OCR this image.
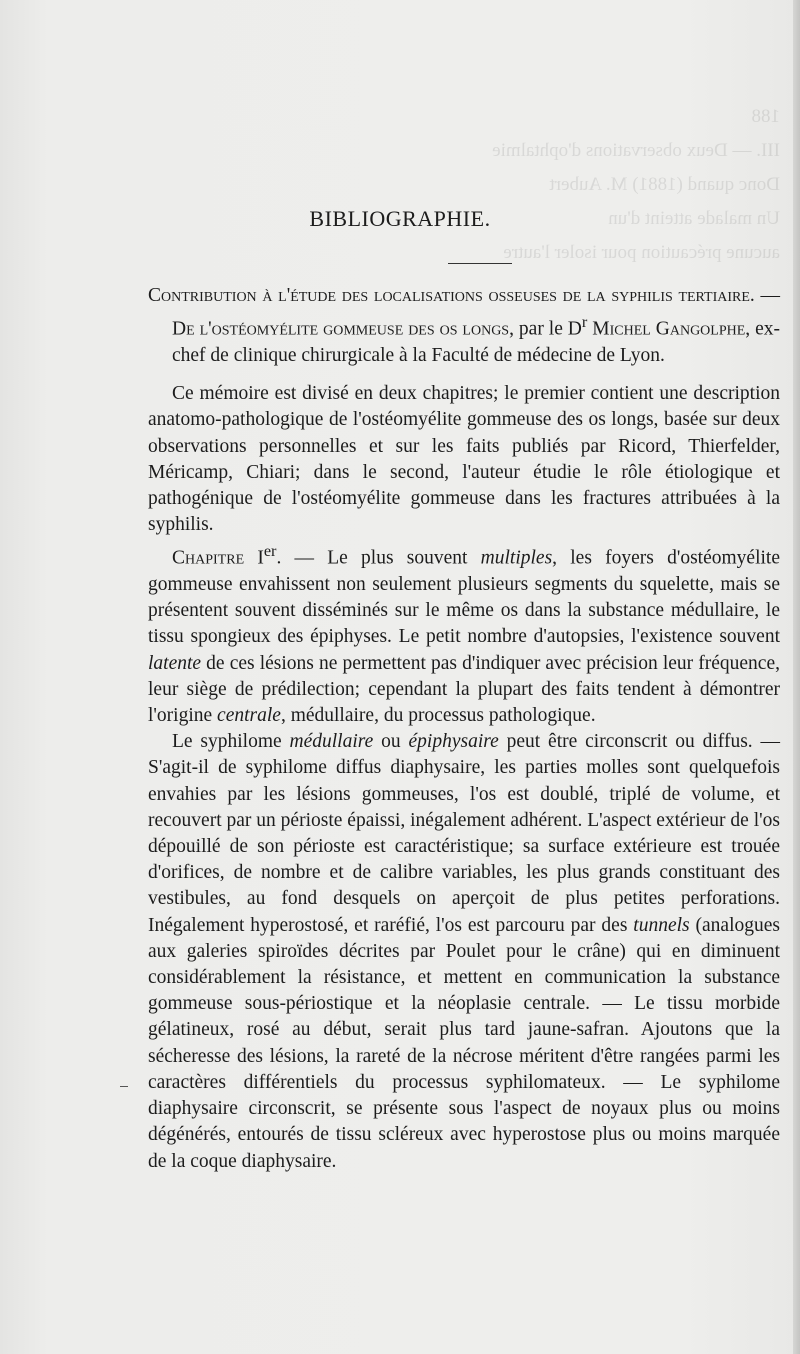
188
III. — Deux observations d'ophtalmie
Donc quand (1881) M. Aubert
Un malade atteint d'un
aucune précaution pour isoler l'autre
BIBLIOGRAPHIE.

Contribution à l'étude des localisations osseuses de la syphilis tertiaire. — De l'ostéomyélite gommeuse des os longs, par le $D^r$ Michel Gangolphe, ex-chef de clinique chirurgicale à la Faculté de médecine de Lyon.

Ce mémoire est divisé en deux chapitres; le premier contient une description anatomo-pathologique de l'ostéomyélite gommeuse des os longs, basée sur deux observations personnelles et sur les faits publiés par Ricord, Thierfelder, Méricamp, Chiari; dans le second, l'auteur étudie le rôle étiologique et pathogénique de l'ostéomyélite gommeuse dans les fractures attribuées à la syphilis.

Chapitre Ier. — Le plus souvent multiples, les foyers d'ostéomyélite gommeuse envahissent non seulement plusieurs segments du squelette, mais se présentent souvent disséminés sur le même os dans la substance médullaire, le tissu spongieux des épiphyses. Le petit nombre d'autopsies, l'existence souvent latente de ces lésions ne permettent pas d'indiquer avec précision leur fréquence, leur siège de prédilection; cependant la plupart des faits tendent à démontrer l'origine centrale, médullaire, du processus pathologique.

Le syphilome médullaire ou épiphysaire peut être circonscrit ou diffus. — S'agit-il de syphilome diffus diaphysaire, les parties molles sont quelquefois envahies par les lésions gommeuses, l'os est doublé, triplé de volume, et recouvert par un périoste épaissi, inégalement adhérent. L'aspect extérieur de l'os dépouillé de son périoste est caractéristique; sa surface extérieure est trouée d'orifices, de nombre et de calibre variables, les plus grands constituant des vestibules, au fond desquels on aperçoit de plus petites perforations. Inégalement hyperostosé, et raréfié, l'os est parcouru par des tunnels (analogues aux galeries spiroïdes décrites par Poulet pour le crâne) qui en diminuent considérablement la résistance, et mettent en communication la substance gommeuse sous-périostique et la néoplasie centrale. — Le tissu morbide gélatineux, rosé au début, serait plus tard jaune-safran. Ajoutons que la sécheresse des lésions, la rareté de la nécrose méritent d'être rangées parmi les caractères différentiels du processus syphilomateux. — Le syphilome diaphysaire circonscrit, se présente sous l'aspect de noyaux plus ou moins dégénérés, entourés de tissu scléreux avec hyperostose plus ou moins marquée de la coque diaphysaire.
